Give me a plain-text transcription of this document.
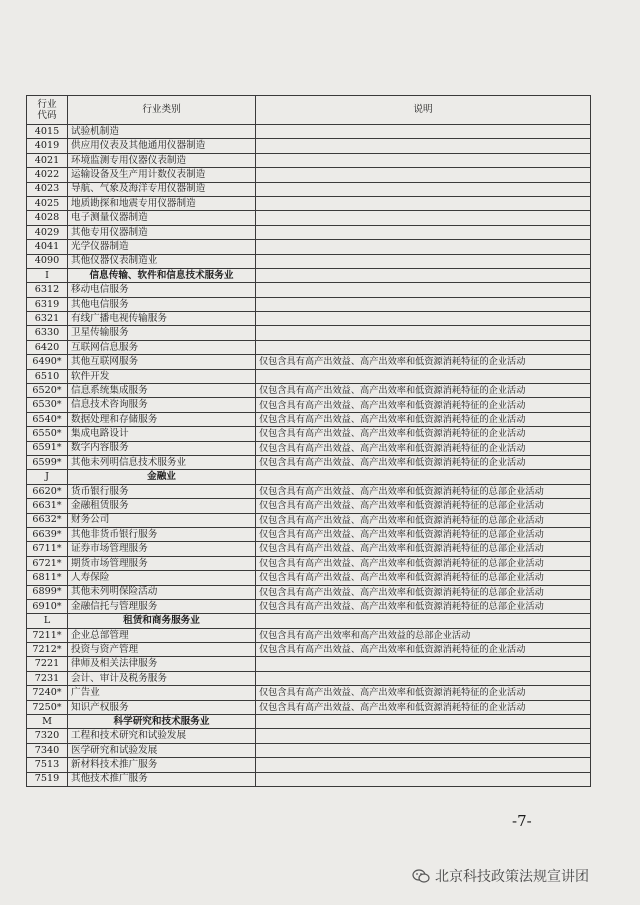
行业
代码	行业类别	说明
4015	试验机制造	
4019	供应用仪表及其他通用仪器制造	
4021	环境监测专用仪器仪表制造	
4022	运输设备及生产用计数仪表制造	
4023	导航、气象及海洋专用仪器制造	
4025	地质勘探和地震专用仪器制造	
4028	电子测量仪器制造	
4029	其他专用仪器制造	
4041	光学仪器制造	
4090	其他仪器仪表制造业	
I	信息传输、软件和信息技术服务业	
6312	移动电信服务	
6319	其他电信服务	
6321	有线广播电视传输服务	
6330	卫星传输服务	
6420	互联网信息服务	
6490*	其他互联网服务	仅包含具有高产出效益、高产出效率和低资源消耗特征的企业活动
6510	软件开发	
6520*	信息系统集成服务	仅包含具有高产出效益、高产出效率和低资源消耗特征的企业活动
6530*	信息技术咨询服务	仅包含具有高产出效益、高产出效率和低资源消耗特征的企业活动
6540*	数据处理和存储服务	仅包含具有高产出效益、高产出效率和低资源消耗特征的企业活动
6550*	集成电路设计	仅包含具有高产出效益、高产出效率和低资源消耗特征的企业活动
6591*	数字内容服务	仅包含具有高产出效益、高产出效率和低资源消耗特征的企业活动
6599*	其他未列明信息技术服务业	仅包含具有高产出效益、高产出效率和低资源消耗特征的企业活动
J	金融业	
6620*	货币银行服务	仅包含具有高产出效益、高产出效率和低资源消耗特征的总部企业活动
6631*	金融租赁服务	仅包含具有高产出效益、高产出效率和低资源消耗特征的总部企业活动
6632*	财务公司	仅包含具有高产出效益、高产出效率和低资源消耗特征的总部企业活动
6639*	其他非货币银行服务	仅包含具有高产出效益、高产出效率和低资源消耗特征的总部企业活动
6711*	证券市场管理服务	仅包含具有高产出效益、高产出效率和低资源消耗特征的总部企业活动
6721*	期货市场管理服务	仅包含具有高产出效益、高产出效率和低资源消耗特征的总部企业活动
6811*	人寿保险	仅包含具有高产出效益、高产出效率和低资源消耗特征的总部企业活动
6899*	其他未列明保险活动	仅包含具有高产出效益、高产出效率和低资源消耗特征的总部企业活动
6910*	金融信托与管理服务	仅包含具有高产出效益、高产出效率和低资源消耗特征的总部企业活动
L	租赁和商务服务业	
7211*	企业总部管理	仅包含具有高产出效率和高产出效益的总部企业活动
7212*	投资与资产管理	仅包含具有高产出效益、高产出效率和低资源消耗特征的企业活动
7221	律师及相关法律服务	
7231	会计、审计及税务服务	
7240*	广告业	仅包含具有高产出效益、高产出效率和低资源消耗特征的企业活动
7250*	知识产权服务	仅包含具有高产出效益、高产出效率和低资源消耗特征的企业活动
M	科学研究和技术服务业	
7320	工程和技术研究和试验发展	
7340	医学研究和试验发展	
7513	新材料技术推广服务	
7519	其他技术推广服务	
-7-
北京科技政策法规宣讲团
